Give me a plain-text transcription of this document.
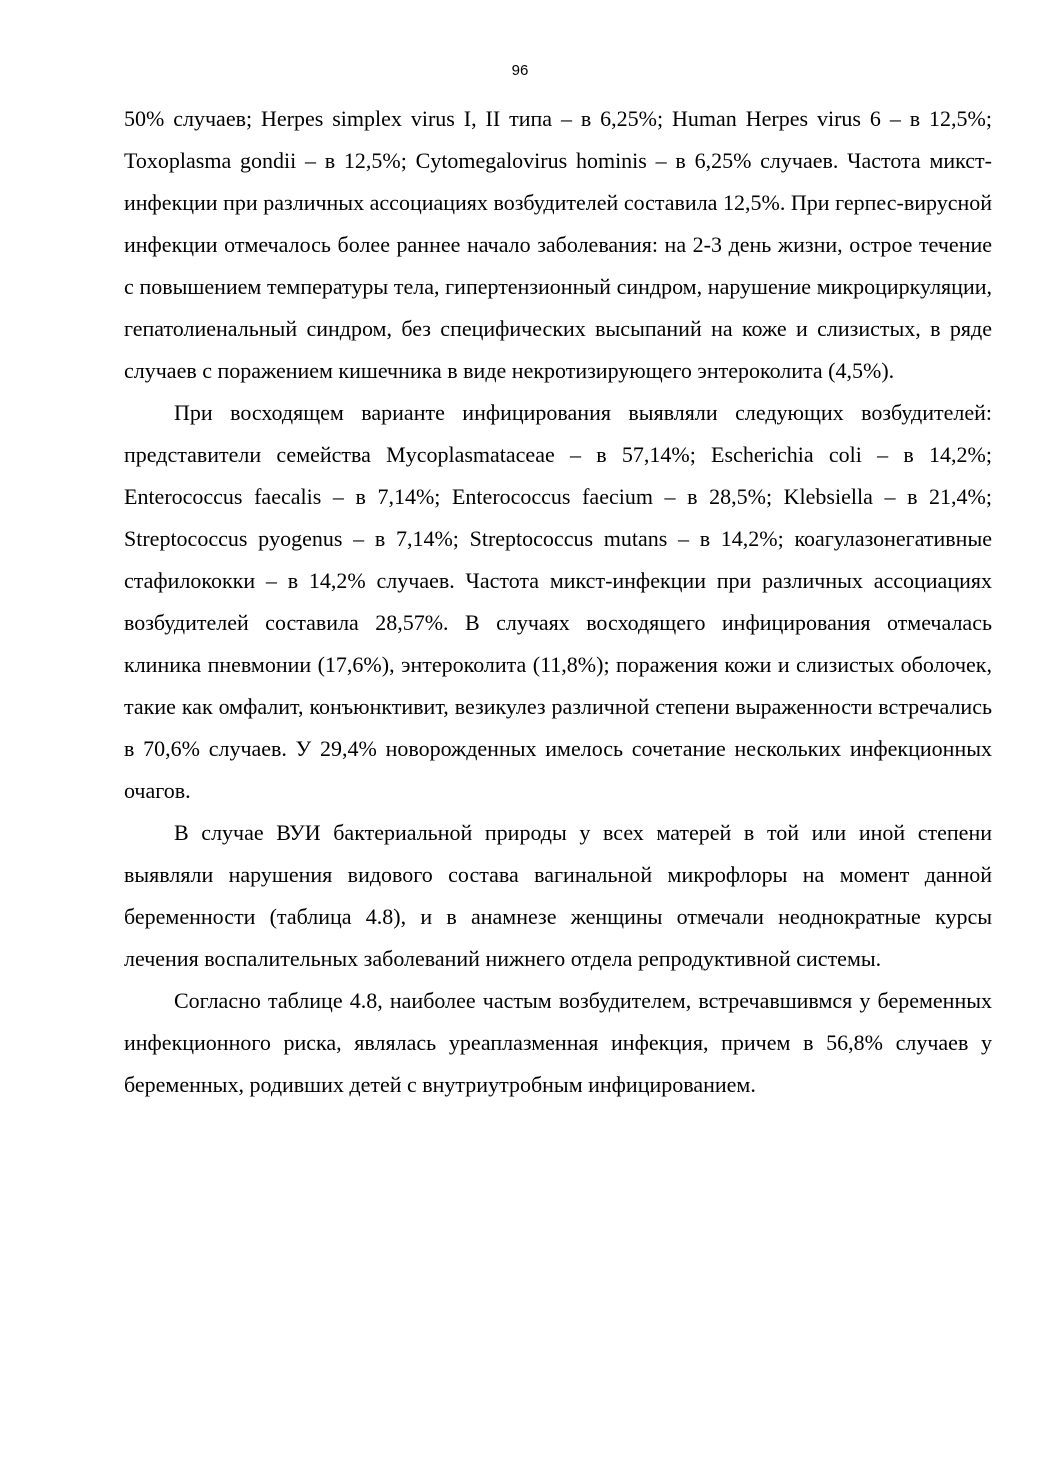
96

50% случаев; Herpes simplex virus I, II типа – в 6,25%; Human Herpes virus 6 – в 12,5%; Toxoplasma gondii – в 12,5%; Cytomegalovirus hominis – в 6,25% случаев. Частота микст-инфекции при различных ассоциациях возбудителей составила 12,5%. При герпес-вирусной инфекции отмечалось более раннее начало заболевания: на 2-3 день жизни, острое течение с повышением температуры тела, гипертензионный синдром, нарушение микроциркуляции, гепатолиенальный синдром, без специфических высыпаний на коже и слизистых, в ряде случаев с поражением кишечника в виде некротизирующего энтероколита (4,5%).

При восходящем варианте инфицирования выявляли следующих возбудителей: представители семейства Mycoplasmataceae – в 57,14%; Escherichia coli – в 14,2%; Enterococcus faecalis – в 7,14%; Enterococcus faecium – в 28,5%; Klebsiella – в 21,4%; Streptococcus pyogenus – в 7,14%; Streptococcus mutans – в 14,2%; коагулазонегативные стафилококки – в 14,2% случаев. Частота микст-инфекции при различных ассоциациях возбудителей составила 28,57%. В случаях восходящего инфицирования отмечалась клиника пневмонии (17,6%), энтероколита (11,8%); поражения кожи и слизистых оболочек, такие как омфалит, конъюнктивит, везикулез различной степени выраженности встречались в 70,6% случаев. У 29,4% новорожденных имелось сочетание нескольких инфекционных очагов.

В случае ВУИ бактериальной природы у всех матерей в той или иной степени выявляли нарушения видового состава вагинальной микрофлоры на момент данной беременности (таблица 4.8), и в анамнезе женщины отмечали неоднократные курсы лечения воспалительных заболеваний нижнего отдела репродуктивной системы.

Согласно таблице 4.8, наиболее частым возбудителем, встречавшивмся у беременных инфекционного риска, являлась уреаплазменная инфекция, причем в 56,8% случаев у беременных, родивших детей с внутриутробным инфицированием.
